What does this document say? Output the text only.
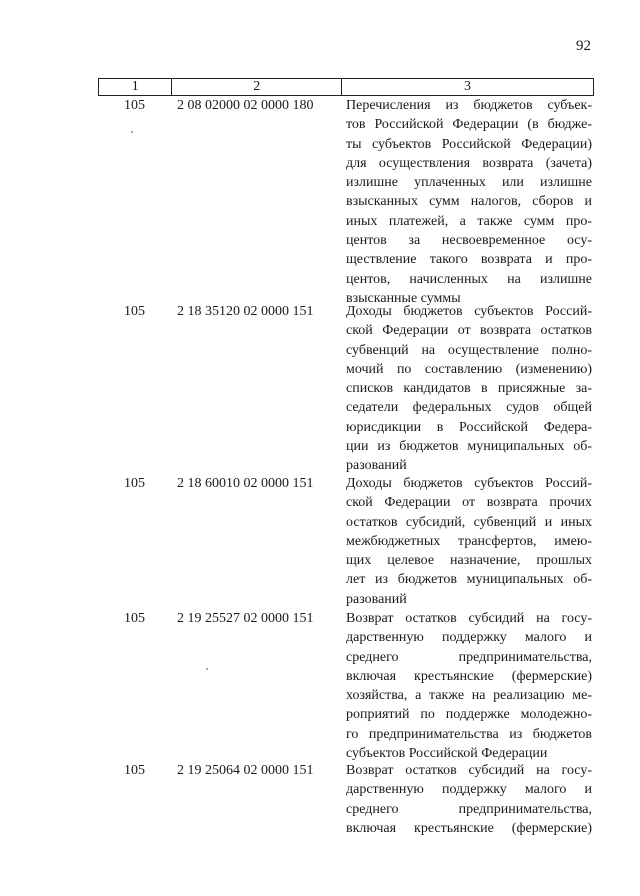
92
1	2	3
105	2 08 02000 02 0000 180	Перечисления из бюджетов субъек-
тов Российской Федерации (в бюдже-
ты субъектов Российской Федерации)
для осуществления возврата (зачета)
излишне уплаченных или излишне
взысканных сумм налогов, сборов и
иных платежей, а также сумм про-
центов за несвоевременное осу-
ществление такого возврата и про-
центов, начисленных на излишне
взысканные суммы
105	2 18 35120 02 0000 151	Доходы бюджетов субъектов Россий-
ской Федерации от возврата остатков
субвенций на осуществление полно-
мочий по составлению (изменению)
списков кандидатов в присяжные за-
седатели федеральных судов общей
юрисдикции в Российской Федера-
ции из бюджетов муниципальных об-
разований
105	2 18 60010 02 0000 151	Доходы бюджетов субъектов Россий-
ской Федерации от возврата прочих
остатков субсидий, субвенций и иных
межбюджетных трансфертов, имею-
щих целевое назначение, прошлых
лет из бюджетов муниципальных об-
разований
105	2 19 25527 02 0000 151	Возврат остатков субсидий на госу-
дарственную поддержку малого и
среднего предпринимательства,
включая крестьянские (фермерские)
хозяйства, а также на реализацию ме-
роприятий по поддержке молодежно-
го предпринимательства из бюджетов
субъектов Российской Федерации
105	2 19 25064 02 0000 151	Возврат остатков субсидий на госу-
дарственную поддержку малого и
среднего предпринимательства,
включая крестьянские (фермерские)
